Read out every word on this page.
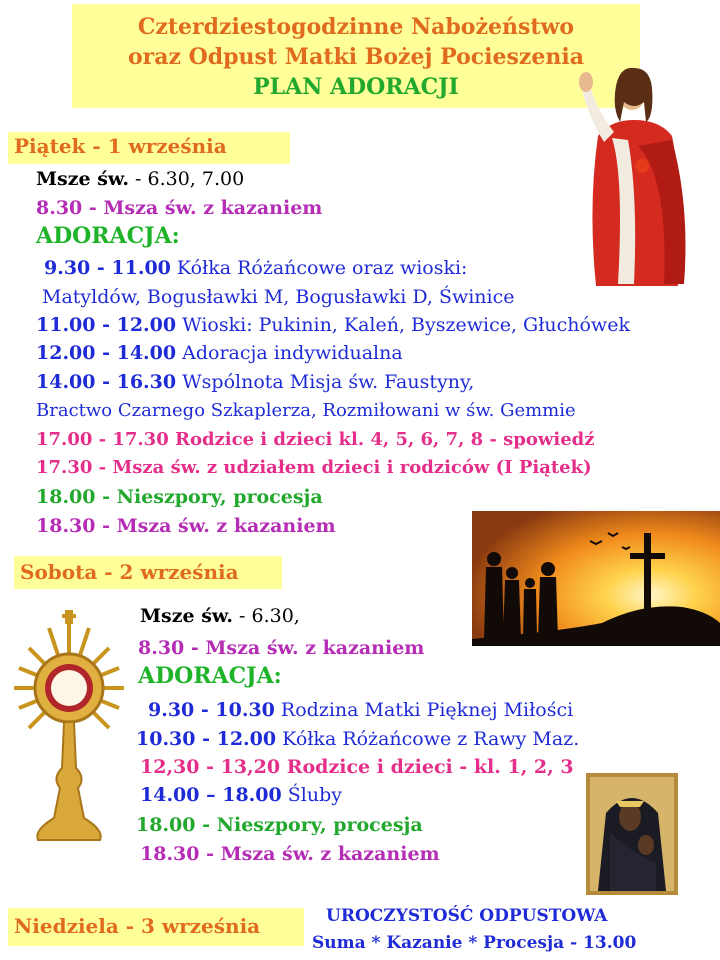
Czterdziestogodzinne Nabożeństwo
oraz Odpust Matki Bożej Pocieszenia
PLAN ADORACJI
Piątek - 1 września
Msze św. - 6.30, 7.00
8.30 - Msza św. z kazaniem
ADORACJA:
9.30 - 11.00 Kółka Różańcowe oraz wioski:
Matyldów, Bogusławki M, Bogusławki D, Świnice
11.00 - 12.00 Wioski: Pukinin, Kaleń, Byszewice, Głuchówek
12.00 - 14.00 Adoracja indywidualna
14.00 - 16.30 Wspólnota Misja św. Faustyny,
Bractwo Czarnego Szkaplerza, Rozmiłowani w św. Gemmie
17.00 - 17.30 Rodzice i dzieci kl. 4, 5, 6, 7, 8 - spowiedź
17.30 - Msza św. z udziałem dzieci i rodziców (I Piątek)
18.00 - Nieszpory, procesja
18.30 - Msza św. z kazaniem
Sobota - 2 września
Msze św. - 6.30,
8.30 - Msza św. z kazaniem
ADORACJA:
9.30 - 10.30 Rodzina Matki Pięknej Miłości
10.30 - 12.00 Kółka Różańcowe z Rawy Maz.
12,30 - 13,20 Rodzice i dzieci - kl. 1, 2, 3
14.00 – 18.00 Śluby
18.00 - Nieszpory, procesja
18.30 - Msza św. z kazaniem
Niedziela - 3 września	UROCZYSTOŚĆ ODPUSTOWA
Suma * Kazanie * Procesja - 13.00
